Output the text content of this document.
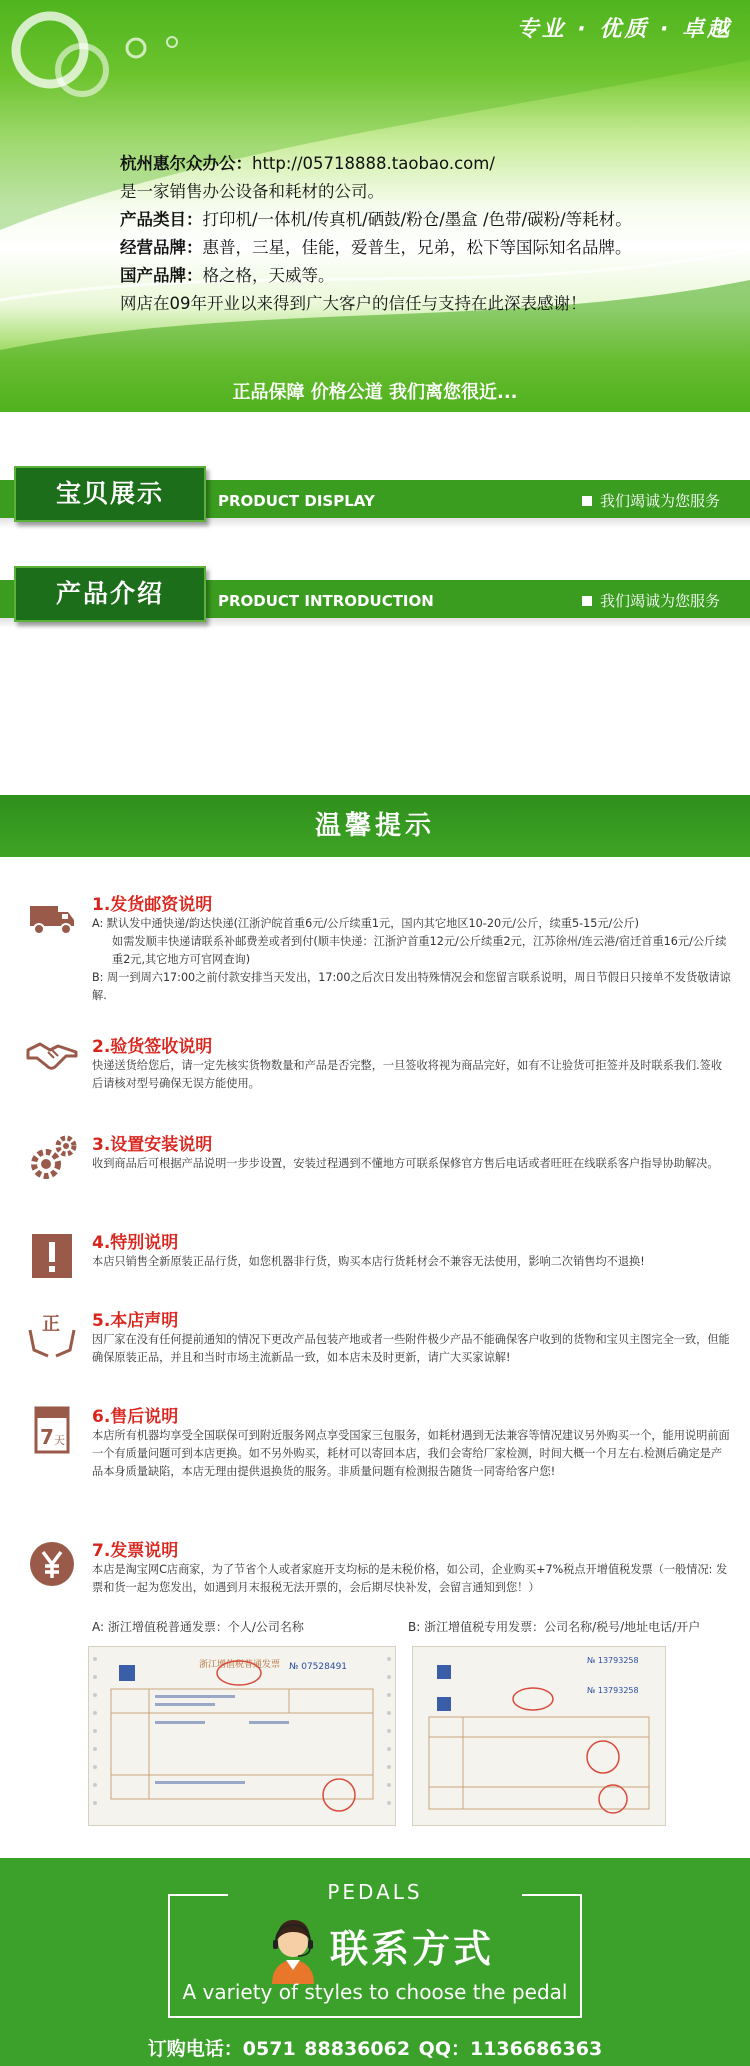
专业 · 优质 · 卓越
杭州惠尔众办公：http://05718888.taobao.com/
是一家销售办公设备和耗材的公司。
产品类目：打印机/一体机/传真机/硒鼓/粉仓/墨盒 /色带/碳粉/等耗材。
经营品牌：惠普，三星，佳能，爱普生，兄弟，松下等国际知名品牌。
国产品牌：格之格，天威等。
网店在09年开业以来得到广大客户的信任与支持在此深表感谢！
正品保障 价格公道 我们离您很近...
宝贝展示	PRODUCT DISPLAY	我们竭诚为您服务
产品介绍	PRODUCT INTRODUCTION	我们竭诚为您服务
温馨提示
1.发货邮资说明

A: 默认发中通快递/韵达快递(江浙沪皖首重6元/公斤续重1元，国内其它地区10-20元/公斤，续重5-15元/公斤)

如需发顺丰快递请联系补邮费差或者到付(顺丰快递：江浙沪首重12元/公斤续重2元，江苏徐州/连云港/宿迁首重16元/公斤续重2元,其它地方可官网查询)

B: 周一到周六17:00之前付款安排当天发出，17:00之后次日发出特殊情况会和您留言联系说明，周日节假日只接单不发货敬请谅解.

2.验货签收说明

快递送货给您后，请一定先核实货物数量和产品是否完整，一旦签收将视为商品完好，如有不让验货可拒签并及时联系我们.签收后请核对型号确保无误方能使用。

3.设置安装说明

收到商品后可根据产品说明一步步设置，安装过程遇到不懂地方可联系保修官方售后电话或者旺旺在线联系客户指导协助解决。

4.特别说明

本店只销售全新原装正品行货，如您机器非行货，购买本店行货耗材会不兼容无法使用，影响二次销售均不退换!

正 5.本店声明

因厂家在没有任何提前通知的情况下更改产品包装产地或者一些附件极少产品不能确保客户收到的货物和宝贝主图完全一致，但能确保原装正品，并且和当时市场主流新品一致，如本店未及时更新，请广大买家谅解!

7 天
6.售后说明

本店所有机器均享受全国联保可到附近服务网点享受国家三包服务，如耗材遇到无法兼容等情况建议另外购买一个，能用说明前面一个有质量问题可到本店更换。如不另外购买，耗材可以寄回本店，我们会寄给厂家检测，时间大概一个月左右.检测后确定是产品本身质量缺陷，本店无理由提供退换货的服务。非质量问题有检测报告随货一同寄给客户您!

7.发票说明

本店是淘宝网C店商家，为了节省个人或者家庭开支均标的是未税价格，如公司，企业购买+7%税点开增值税发票（一般情况: 发票和货一起为您发出，如遇到月末报税无法开票的，会后期尽快补发，会留言通知到您！）

A: 浙江增值税普通发票：个人/公司名称	B: 浙江增值税专用发票：公司名称/税号/地址电话/开户
浙江增值税普通发票 № 07528491
№ 13793258
№ 13793258
PEDALS
联系方式
A variety of styles to choose the pedal
订购电话：0571 88836062 QQ：1136686363
